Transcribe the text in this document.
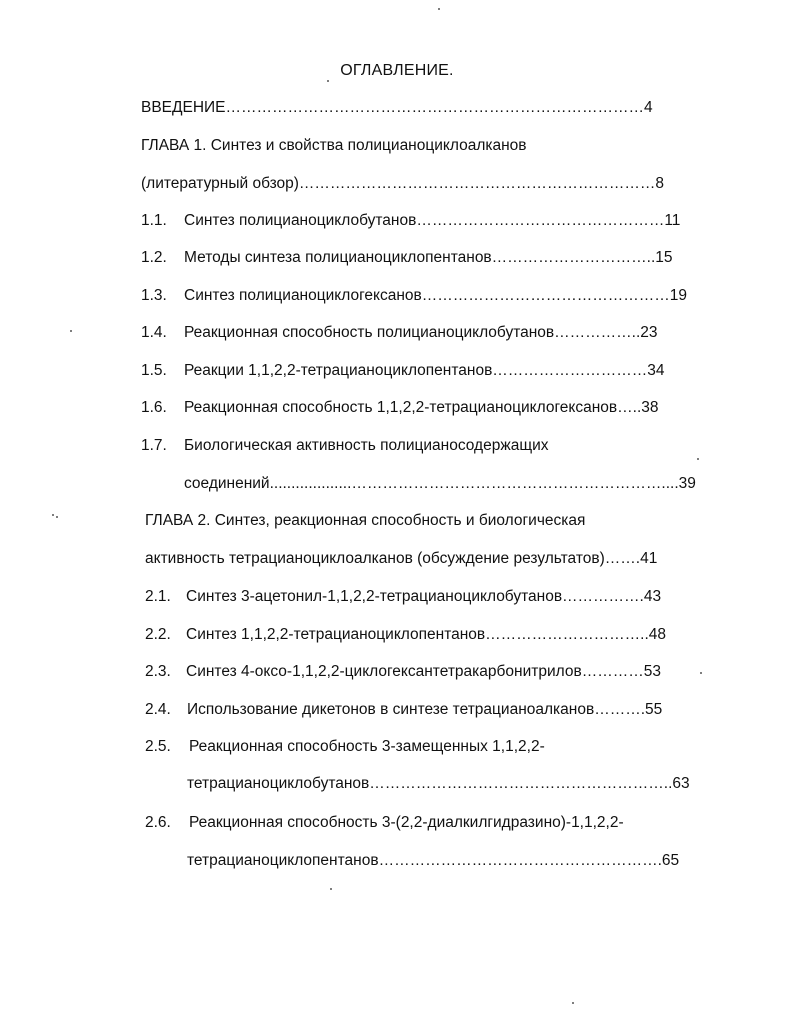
ОГЛАВЛЕНИЕ.
ВВЕДЕНИЕ………………………………………………………………………4
ГЛАВА 1. Синтез и свойства полицианоциклоалканов
(литературный обзор)……………………………………………………………8
1.1. Синтез полицианоциклобутанов…………………………………………11
1.2. Методы синтеза полицианоциклопентанов…………………………..15
1.3. Синтез полицианоциклогексанов…………………………………………19
1.4. Реакционная способность полицианоциклобутанов……………..23
1.5. Реакции 1,1,2,2-тетрацианоциклопентанов…………………………34
1.6. Реакционная способность 1,1,2,2-тетрацианоциклогексанов…..38
1.7. Биологическая активность полицианосодержащих
соединений...................……………………………………………………....39
ГЛАВА 2. Синтез, реакционная способность и биологическая
активность тетрацианоциклоалканов (обсуждение результатов)…….41
2.1. Синтез 3-ацетонил-1,1,2,2-тетрацианоциклобутанов…………….43
2.2. Синтез 1,1,2,2-тетрацианоциклопентанов…………………………..48
2.3. Синтез 4-оксо-1,1,2,2-циклогексантетракарбонитрилов…………53
2.4. Использование дикетонов в синтезе тетрацианоалканов……….55
2.5. Реакционная способность 3-замещенных 1,1,2,2-
тетрацианоциклобутанов…………………………………………………..63
2.6. Реакционная способность 3-(2,2-диалкилгидразино)-1,1,2,2-
тетрацианоциклопентанов……………………………………………….65
